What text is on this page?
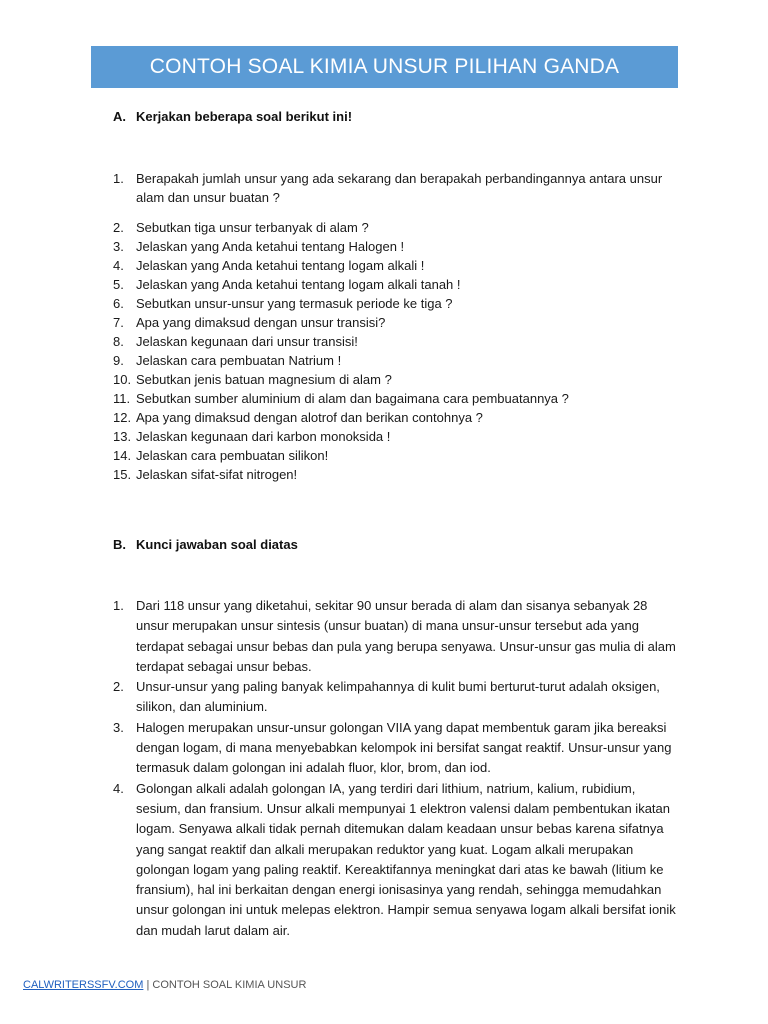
CONTOH SOAL KIMIA UNSUR PILIHAN GANDA
A. Kerjakan beberapa soal berikut ini!
1. Berapakah jumlah unsur yang ada sekarang dan berapakah perbandingannya antara unsur alam dan unsur buatan ?
2. Sebutkan tiga unsur terbanyak di alam ?
3. Jelaskan yang Anda ketahui tentang Halogen !
4. Jelaskan yang Anda ketahui tentang logam alkali !
5. Jelaskan yang Anda ketahui tentang logam alkali tanah !
6. Sebutkan unsur-unsur yang termasuk periode ke tiga ?
7. Apa yang dimaksud dengan unsur transisi?
8. Jelaskan kegunaan dari unsur transisi!
9. Jelaskan cara pembuatan Natrium !
10. Sebutkan jenis batuan magnesium di alam ?
11. Sebutkan sumber aluminium di alam dan bagaimana cara pembuatannya ?
12. Apa yang dimaksud dengan alotrof dan berikan contohnya ?
13. Jelaskan kegunaan dari karbon monoksida !
14. Jelaskan cara pembuatan silikon!
15. Jelaskan sifat-sifat nitrogen!
B. Kunci jawaban soal diatas
1. Dari 118 unsur yang diketahui, sekitar 90 unsur berada di alam dan sisanya sebanyak 28 unsur merupakan unsur sintesis (unsur buatan) di mana unsur-unsur tersebut ada yang terdapat sebagai unsur bebas dan pula yang berupa senyawa. Unsur-unsur gas mulia di alam terdapat sebagai unsur bebas.
2. Unsur-unsur yang paling banyak kelimpahannya di kulit bumi berturut-turut adalah oksigen, silikon, dan aluminium.
3. Halogen merupakan unsur-unsur golongan VIIA yang dapat membentuk garam jika bereaksi dengan logam, di mana menyebabkan kelompok ini bersifat sangat reaktif. Unsur-unsur yang termasuk dalam golongan ini adalah fluor, klor, brom, dan iod.
4. Golongan alkali adalah golongan IA, yang terdiri dari lithium, natrium, kalium, rubidium, sesium, dan fransium. Unsur alkali mempunyai 1 elektron valensi dalam pembentukan ikatan logam. Senyawa alkali tidak pernah ditemukan dalam keadaan unsur bebas karena sifatnya yang sangat reaktif dan alkali merupakan reduktor yang kuat. Logam alkali merupakan golongan logam yang paling reaktif. Kereaktifannya meningkat dari atas ke bawah (litium ke fransium), hal ini berkaitan dengan energi ionisasinya yang rendah, sehingga memudahkan unsur golongan ini untuk melepas elektron. Hampir semua senyawa logam alkali bersifat ionik dan mudah larut dalam air.
CALWRITERSSFV.COM | CONTOH SOAL KIMIA UNSUR
